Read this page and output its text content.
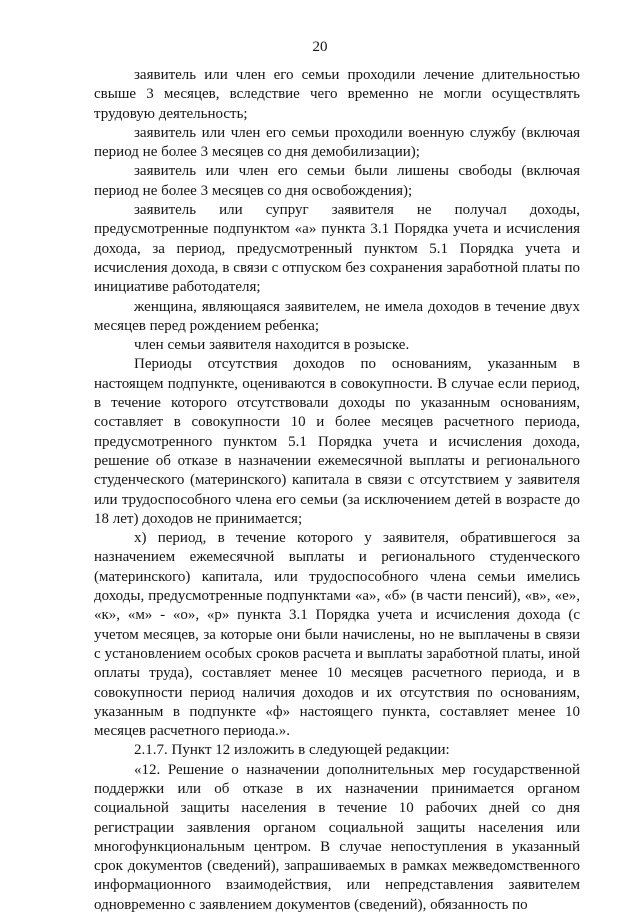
20

заявитель или член его семьи проходили лечение длительностью свыше 3 месяцев, вследствие чего временно не могли осуществлять трудовую деятельность;

заявитель или член его семьи проходили военную службу (включая период не более 3 месяцев со дня демобилизации);

заявитель или член его семьи были лишены свободы (включая период не более 3 месяцев со дня освобождения);

заявитель или супруг заявителя не получал доходы, предусмотренные подпунктом «а» пункта 3.1 Порядка учета и исчисления дохода, за период, предусмотренный пунктом 5.1 Порядка учета и исчисления дохода, в связи с отпуском без сохранения заработной платы по инициативе работодателя;

женщина, являющаяся заявителем, не имела доходов в течение двух месяцев перед рождением ребенка;

член семьи заявителя находится в розыске.

Периоды отсутствия доходов по основаниям, указанным в настоящем подпункте, оцениваются в совокупности. В случае если период, в течение которого отсутствовали доходы по указанным основаниям, составляет в совокупности 10 и более месяцев расчетного периода, предусмотренного пунктом 5.1 Порядка учета и исчисления дохода, решение об отказе в назначении ежемесячной выплаты и регионального студенческого (материнского) капитала в связи с отсутствием у заявителя или трудоспособного члена его семьи (за исключением детей в возрасте до 18 лет) доходов не принимается;

х) период, в течение которого у заявителя, обратившегося за назначением ежемесячной выплаты и регионального студенческого (материнского) капитала, или трудоспособного члена семьи имелись доходы, предусмотренные подпунктами «а», «б» (в части пенсий), «в», «е», «к», «м» - «о», «р» пункта 3.1 Порядка учета и исчисления дохода (с учетом месяцев, за которые они были начислены, но не выплачены в связи с установлением особых сроков расчета и выплаты заработной платы, иной оплаты труда), составляет менее 10 месяцев расчетного периода, и в совокупности период наличия доходов и их отсутствия по основаниям, указанным в подпункте «ф» настоящего пункта, составляет менее 10 месяцев расчетного периода.».

2.1.7. Пункт 12 изложить в следующей редакции:

«12. Решение о назначении дополнительных мер государственной поддержки или об отказе в их назначении принимается органом социальной защиты населения в течение 10 рабочих дней со дня регистрации заявления органом социальной защиты населения или многофункциональным центром. В случае непоступления в указанный срок документов (сведений), запрашиваемых в рамках межведомственного информационного взаимодействия, или непредставления заявителем одновременно с заявлением документов (сведений), обязанность по
